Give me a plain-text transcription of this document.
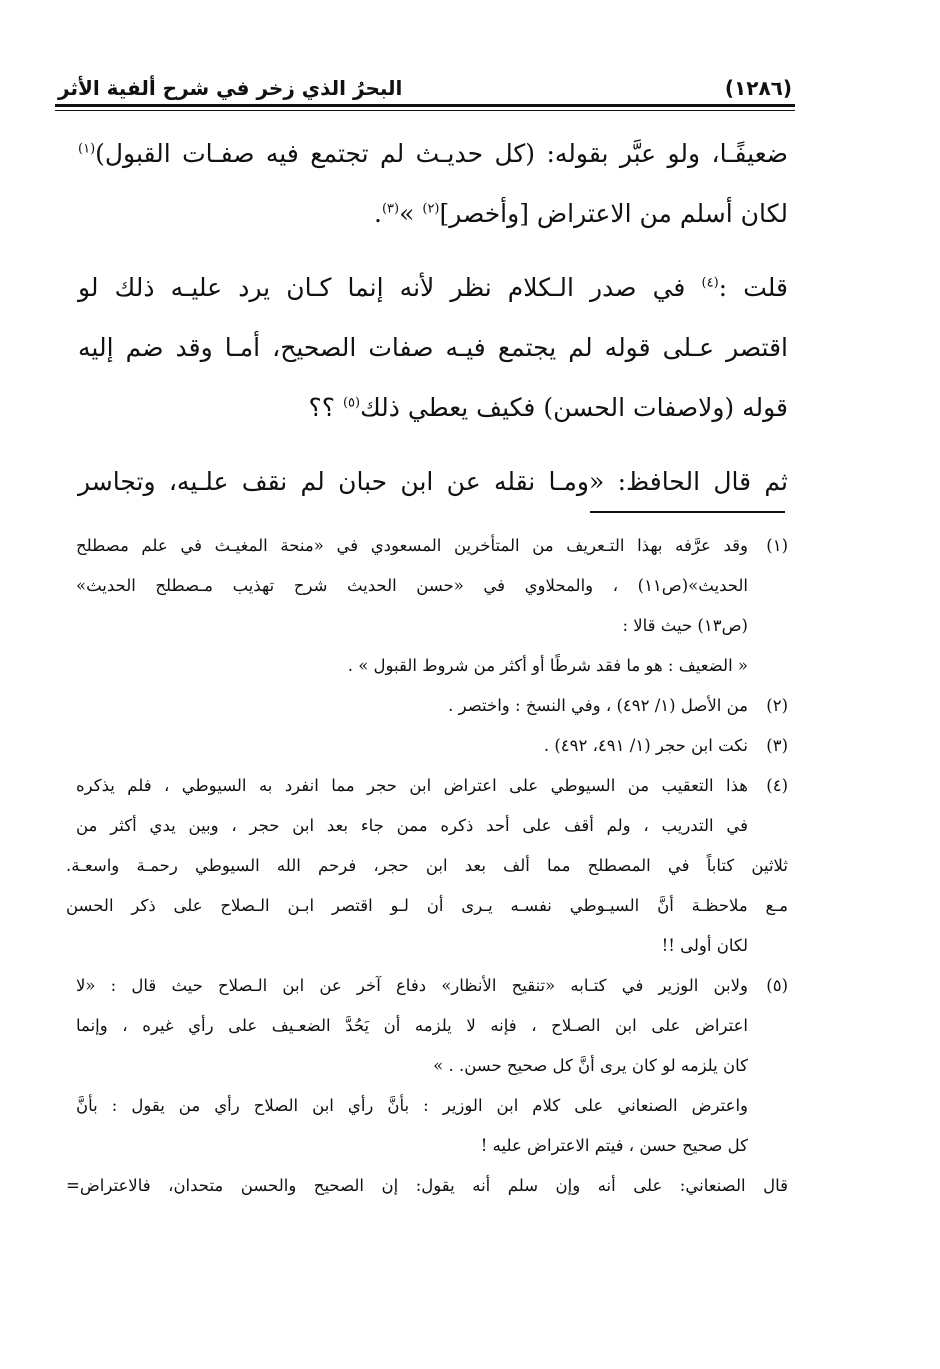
(١٢٨٦)
البحرُ الذي زخر في شرح ألفية الأثر

ضعيفًـا، ولو عبَّر بقوله: (كل حديـث لم تجتمع فيه صفـات القبول)$^{(١)}$

لكان أسلم من الاعتراض [وأخصر]$^{(٢)}$ »$^{(٣)}$.

قلت :$^{(٤)}$ في صدر الـكلام نظر لأنه إنما كـان يرد عليـه ذلك لو

اقتصر عـلى قوله لم يجتمع فيـه صفات الصحيح، أمـا وقد ضم إليه

قوله (ولاصفات الحسن) فكيف يعطي ذلك$^{(٥)}$ ؟؟

ثم قال الحافظ: «ومـا نقله عن ابن حبان لم نقف علـيه، وتجاسر

(١)
وقد عرَّفه بهذا التـعريف من المتأخرين المسعودي في «منحة المغيـث في علم مصطلح
الحديث»(ص١١) ، والمحلاوي في «حسن الحديث شرح تهذيب مـصطلح الحديث»
(ص١٣) حيث قالا :
« الضعيف : هو ما فقد شرطًا أو أكثر من شروط القبول » .
(٢)
من الأصل (١/ ٤٩٢) ، وفي النسخ : واختصر .
(٣)
نكت ابن حجر (١/ ٤٩١، ٤٩٢) .
(٤)
هذا التعقيب من السيوطي على اعتراض ابن حجر مما انفرد به السيوطي ، فلم يذكره
في التدريب ، ولم أقف على أحد ذكره ممن جاء بعد ابن حجر ، وبين يدي أكثر من
ثلاثين كتاباً في المصطلح مما ألف بعد ابن حجر، فرحم الله السيوطي رحمـة واسعـة.
مـع ملاحظـة أنَّ السيـوطي نفسـه يـرى أن لـو اقتصر ابـن الـصلاح على ذكر الحسن
لكان أولى !!
(٥)
ولابن الوزير في كتـابه «تنقيح الأنظار» دفاع آخر عن ابن الـصلاح حيث قال : «لا
اعتراض على ابن الصـلاح ، فإنه لا يلزمه أن يَحُدَّ الضعـيف على رأي غيره ، وإنما
كان يلزمه لو كان يرى أنَّ كل صحيح حسن. . »
واعترض الصنعاني على كلام ابن الوزير : بأنَّ رأي ابن الصلاح رأي من يقول : بأنَّ
كل صحيح حسن ، فيتم الاعتراض عليه !
قال الصنعاني: على أنه وإن سلم أنه يقول: إن الصحيح والحسن متحدان، فالاعتراض=
